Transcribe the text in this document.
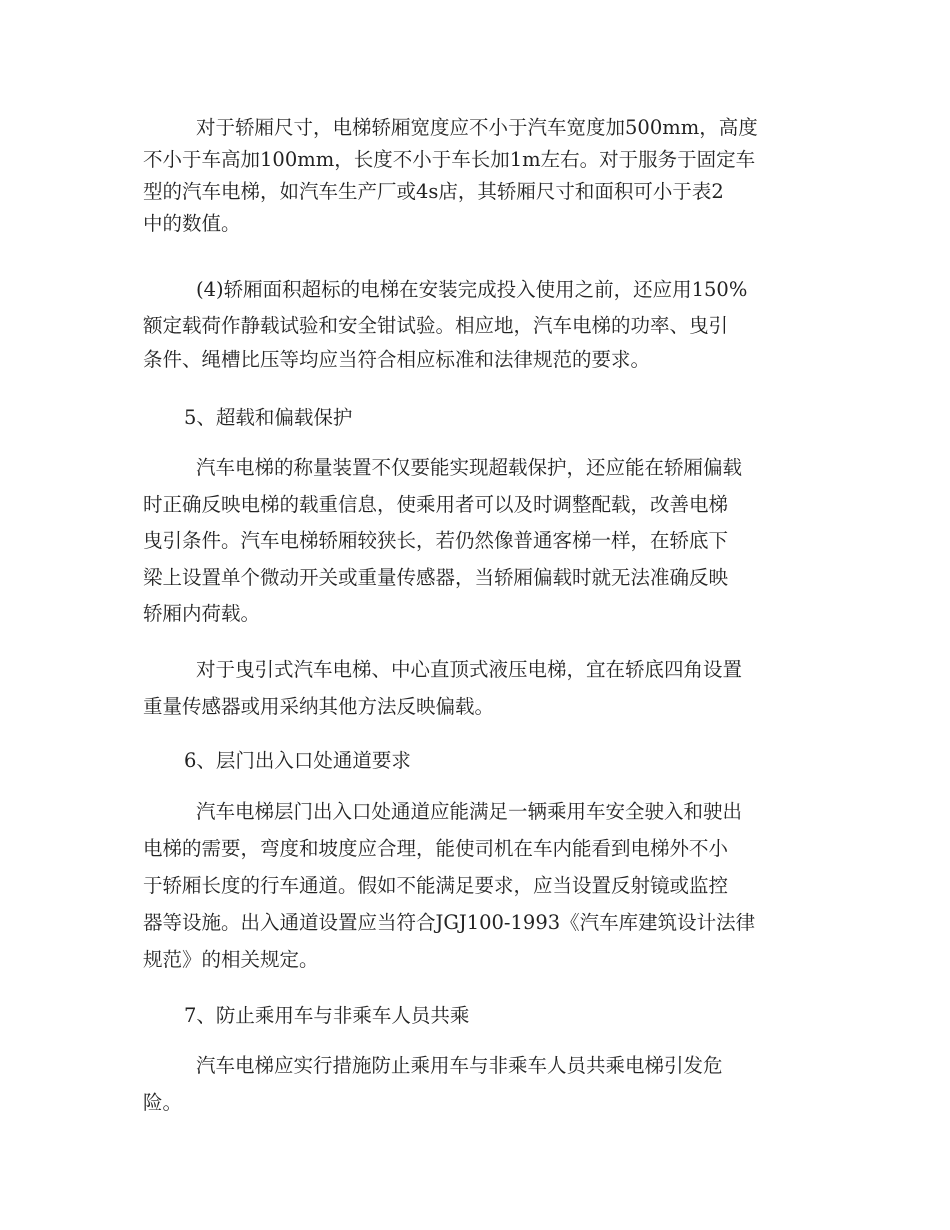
对于轿厢尺寸，电梯轿厢宽度应不小于汽车宽度加500mm，高度

不小于车高加100mm，长度不小于车长加1m左右。对于服务于固定车

型的汽车电梯，如汽车生产厂或4s店，其轿厢尺寸和面积可小于表2

中的数值。

(4)轿厢面积超标的电梯在安装完成投入使用之前，还应用150%

额定载荷作静载试验和安全钳试验。相应地，汽车电梯的功率、曳引

条件、绳槽比压等均应当符合相应标准和法律规范的要求。

5、超载和偏载保护

汽车电梯的称量装置不仅要能实现超载保护，还应能在轿厢偏载

时正确反映电梯的载重信息，使乘用者可以及时调整配载，改善电梯

曳引条件。汽车电梯轿厢较狭长，若仍然像普通客梯一样，在轿底下

梁上设置单个微动开关或重量传感器，当轿厢偏载时就无法准确反映

轿厢内荷载。

对于曳引式汽车电梯、中心直顶式液压电梯，宜在轿底四角设置

重量传感器或用采纳其他方法反映偏载。

6、层门出入口处通道要求

汽车电梯层门出入口处通道应能满足一辆乘用车安全驶入和驶出

电梯的需要，弯度和坡度应合理，能使司机在车内能看到电梯外不小

于轿厢长度的行车通道。假如不能满足要求，应当设置反射镜或监控

器等设施。出入通道设置应当符合JGJ100-1993《汽车库建筑设计法律

规范》的相关规定。

7、防止乘用车与非乘车人员共乘

汽车电梯应实行措施防止乘用车与非乘车人员共乘电梯引发危

险。
